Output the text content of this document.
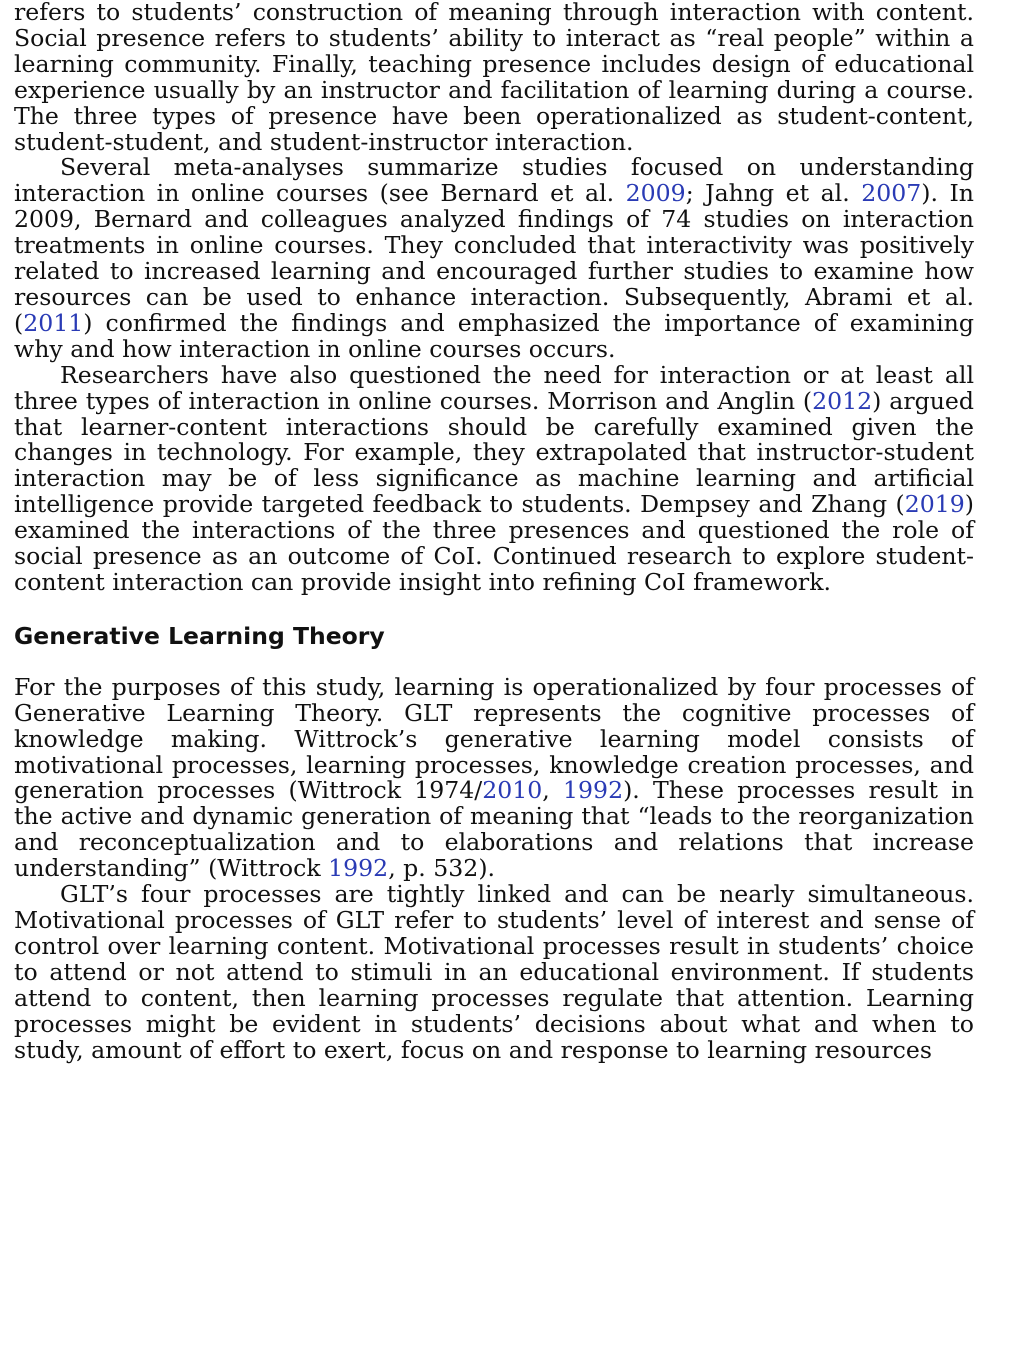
refers to students’ construction of meaning through interaction with content. Social presence refers to students’ ability to interact as “real people” within a learning community. Finally, teaching presence includes design of educational experience usually by an instructor and facilitation of learning during a course. The three types of presence have been operationalized as student-content, student-student, and student-instructor interaction.

Several meta-analyses summarize studies focused on understanding interaction in online courses (see Bernard et al. 2009; Jahng et al. 2007). In 2009, Bernard and colleagues analyzed findings of 74 studies on interaction treatments in online courses. They concluded that interactivity was positively related to increased learning and encouraged further studies to examine how resources can be used to enhance interaction. Subsequently, Abrami et al. (2011) confirmed the findings and emphasized the importance of examining why and how interaction in online courses occurs.

Researchers have also questioned the need for interaction or at least all three types of interaction in online courses. Morrison and Anglin (2012) argued that learner-content interactions should be carefully examined given the changes in technology. For example, they extrapolated that instructor-student interaction may be of less significance as machine learning and artificial intelligence provide targeted feedback to students. Dempsey and Zhang (2019) examined the interactions of the three presences and questioned the role of social presence as an outcome of CoI. Continued research to explore student-content interaction can provide insight into refining CoI framework.

Generative Learning Theory

For the purposes of this study, learning is operationalized by four processes of Generative Learning Theory. GLT represents the cognitive processes of knowledge making. Wittrock’s generative learning model consists of motivational processes, learning processes, knowledge creation processes, and generation processes (Wittrock 1974/2010, 1992). These processes result in the active and dynamic generation of meaning that “leads to the reorganization and reconceptualization and to elaborations and relations that increase understanding” (Wittrock 1992, p. 532).

GLT’s four processes are tightly linked and can be nearly simultaneous. Motivational processes of GLT refer to students’ level of interest and sense of control over learning content. Motivational processes result in students’ choice to attend or not attend to stimuli in an educational environment. If students attend to content, then learning processes regulate that attention. Learning processes might be evident in students’ decisions about what and when to study, amount of effort to exert, focus on and response to learning resources
